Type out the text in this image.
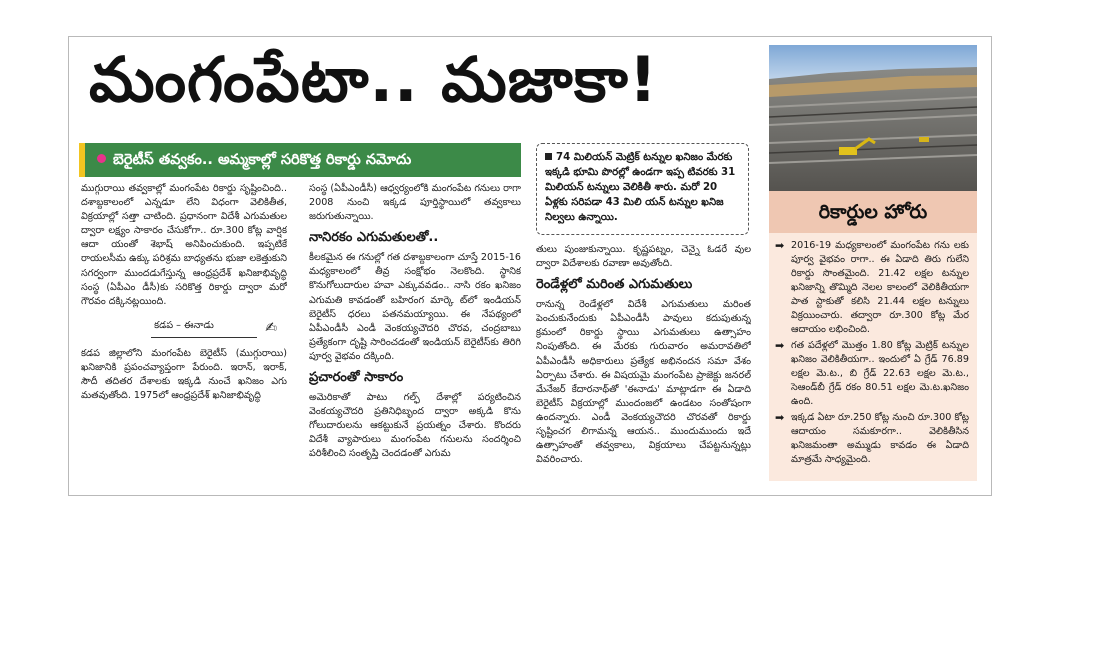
మంగంపేటా.. మజాకా!
బెరైటీస్ తవ్వకం.. అమ్మకాల్లో సరికొత్త రికార్డు నమోదు	74 మిలియన్ మెట్రిక్ టన్నుల ఖనిజం మేరకు ఇక్కడి భూమి పొరల్లో ఉండగా ఇప్ప టివరకు 31 మిలియన్ టన్నులు వెలికితీ శారు. మరో 20 ఏళ్లకు సరిపడా 43 మిలి యన్ టన్నుల ఖనిజ నిల్వలు ఉన్నాయి.

ముగ్గురాయి తవ్వకాల్లో మంగంపేట రికార్డు సృష్టించింది.. దశాబ్దకాలంలో ఎన్నడూ లేని విధంగా వెలికితీత, విక్రయాల్లో సత్తా చాటింది. ప్రధానంగా విదేశీ ఎగుమతుల ద్వారా లక్ష్యం సాకారం చేసుకోగా.. రూ.300 కోట్ల వార్షిక ఆదా యంతో శెభాష్ అనిపించుకుంది. ఇప్పటికే రాయలసీమ ఉక్కు పరిశ్రమ బాధ్యతను భుజా లకెత్తుకుని సగర్వంగా ముందడుగేస్తున్న ఆంధ్రప్రదేశ్ ఖనిజాభివృద్ధి సంస్థ (ఏపీఎం డీసీ)కు సరికొత్త రికార్డు ద్వారా మరో గౌరవం దక్కినట్లయింది.

కడప – ఈనాడు	✍

కడప జిల్లాలోని మంగంపేట బెరైటీస్ (ముగ్గురాయి) ఖనిజానికి ప్రపంచవ్యాప్తంగా పేరుంది. ఇరాన్, ఇరాక్, సౌదీ తదితర దేశాలకు ఇక్కడి నుంచే ఖనిజం ఎగు మతవుతోంది. 1975లో ఆంధ్రప్రదేశ్ ఖనిజాభివృద్ధి

సంస్థ (ఏపీఎండీసీ) ఆధ్వర్యంలోకి మంగంపేట గనులు రాగా 2008 నుంచి ఇక్కడ పూర్తిస్థాయిలో తవ్వకాలు జరుగుతున్నాయి.

నానిరకం ఎగుమతులతో..

కీలకమైన ఈ గనుల్లో గత దశాబ్దకాలంగా చూస్తే 2015-16 మధ్యకాలంలో తీవ్ర సంక్షోభం నెలకొంది. స్థానిక కొనుగోలుదారుల హవా ఎక్కువవడం.. నాసి రకం ఖనిజం ఎగుమతి కావడంతో బహిరంగ మార్కె ట్‌లో ఇండియన్ బెరైటీస్ ధరలు పతనమయ్యాయి. ఈ నేపథ్యంలో ఏపీఎండీసీ ఎండీ వెంకయ్యచౌదరి చొరవ, చంద్రబాబు ప్రత్యేకంగా దృష్టి సారించడంతో ఇండియన్ బెరైటీస్‌కు తిరిగి పూర్వ వైభవం దక్కింది.

ప్రచారంతో సాకారం

అమెరికాతో పాటు గల్ఫ్ దేశాల్లో పర్యటించిన వెంకయ్యచౌదరి ప్రతినిధిబృంద ద్వారా అక్కడి కొను గోలుదారులను ఆకట్టుకునే ప్రయత్నం చేశారు. కొందరు విదేశీ వ్యాపారులు మంగంపేట గనులను సందర్శించి పరిశీలించి సంతృప్తి చెందడంతో ఎగుమ

తులు పుంజుకున్నాయి. కృష్ణపట్నం, చెన్నై ఓడరే వుల ద్వారా విదేశాలకు రవాణా అవుతోంది.

రెండేళ్లలో మరింత ఎగుమతులు

రానున్న రెండేళ్లలో విదేశీ ఎగుమతులు మరింత పెంచుకునేందుకు ఏపీఎండీసీ పావులు కదుపుతున్న క్రమంలో రికార్డు స్థాయి ఎగుమతులు ఉత్సాహం నింపుతోంది. ఈ మేరకు గురువారం అమరావతిలో ఏపీఎండీసీ అధికారులు ప్రత్యేక అభినందన సమా వేశం ఏర్పాటు చేశారు. ఈ విషయమై మంగంపేట ప్రాజెక్టు జనరల్ మేనేజర్ కేదారనాథ్‌తో 'ఈనాడు' మాట్లాడగా ఈ ఏడాది బెరైటీస్ విక్రయాల్లో ముందంజలో ఉండటం సంతోషంగా ఉందన్నారు. ఎండీ వెంకయ్యచౌదరి చొరవతో రికార్డు సృష్టించగ లిగామన్న ఆయన.. ముందుముందు ఇదే ఉత్సాహంతో తవ్వకాలు, విక్రయాలు చేపట్టనున్నట్లు వివరించారు.

రికార్డుల హోరు
➡ 2016-19 మధ్యకాలంలో మంగంపేట గను లకు పూర్వ వైభవం రాగా.. ఈ ఏడాది తిరు గులేని రికార్డు సొంతమైంది. 21.42 లక్షల టన్నుల ఖనిజాన్ని తొమ్మిది నెలల కాలంలో వెలికితీయగా పాత స్టాకుతో కలిసి 21.44 లక్షల టన్నులు విక్రయించారు. తద్వారా రూ.300 కోట్ల మేర ఆదాయం లభించింది.
➡ గత పదేళ్లలో మొత్తం 1.80 కోట్ల మెట్రిక్ టన్నుల ఖనిజం వెలికితీయగా.. ఇందులో ఏ గ్రేడ్ 76.89 లక్షల మె.ట., బి గ్రేడ్ 22.63 లక్షల మె.ట., సెఆండ్‌బీ గ్రేడ్ రకం 80.51 లక్షల మె.ట.ఖనిజం ఉంది.
➡ ఇక్కడ ఏటా రూ.250 కోట్ల నుంచి రూ.300 కోట్ల ఆదాయం సమకూరగా.. వెలికితీసిన ఖనిజమంతా అమ్ముడు కావడం ఈ ఏడాది మాత్రమే సాధ్యమైంది.
